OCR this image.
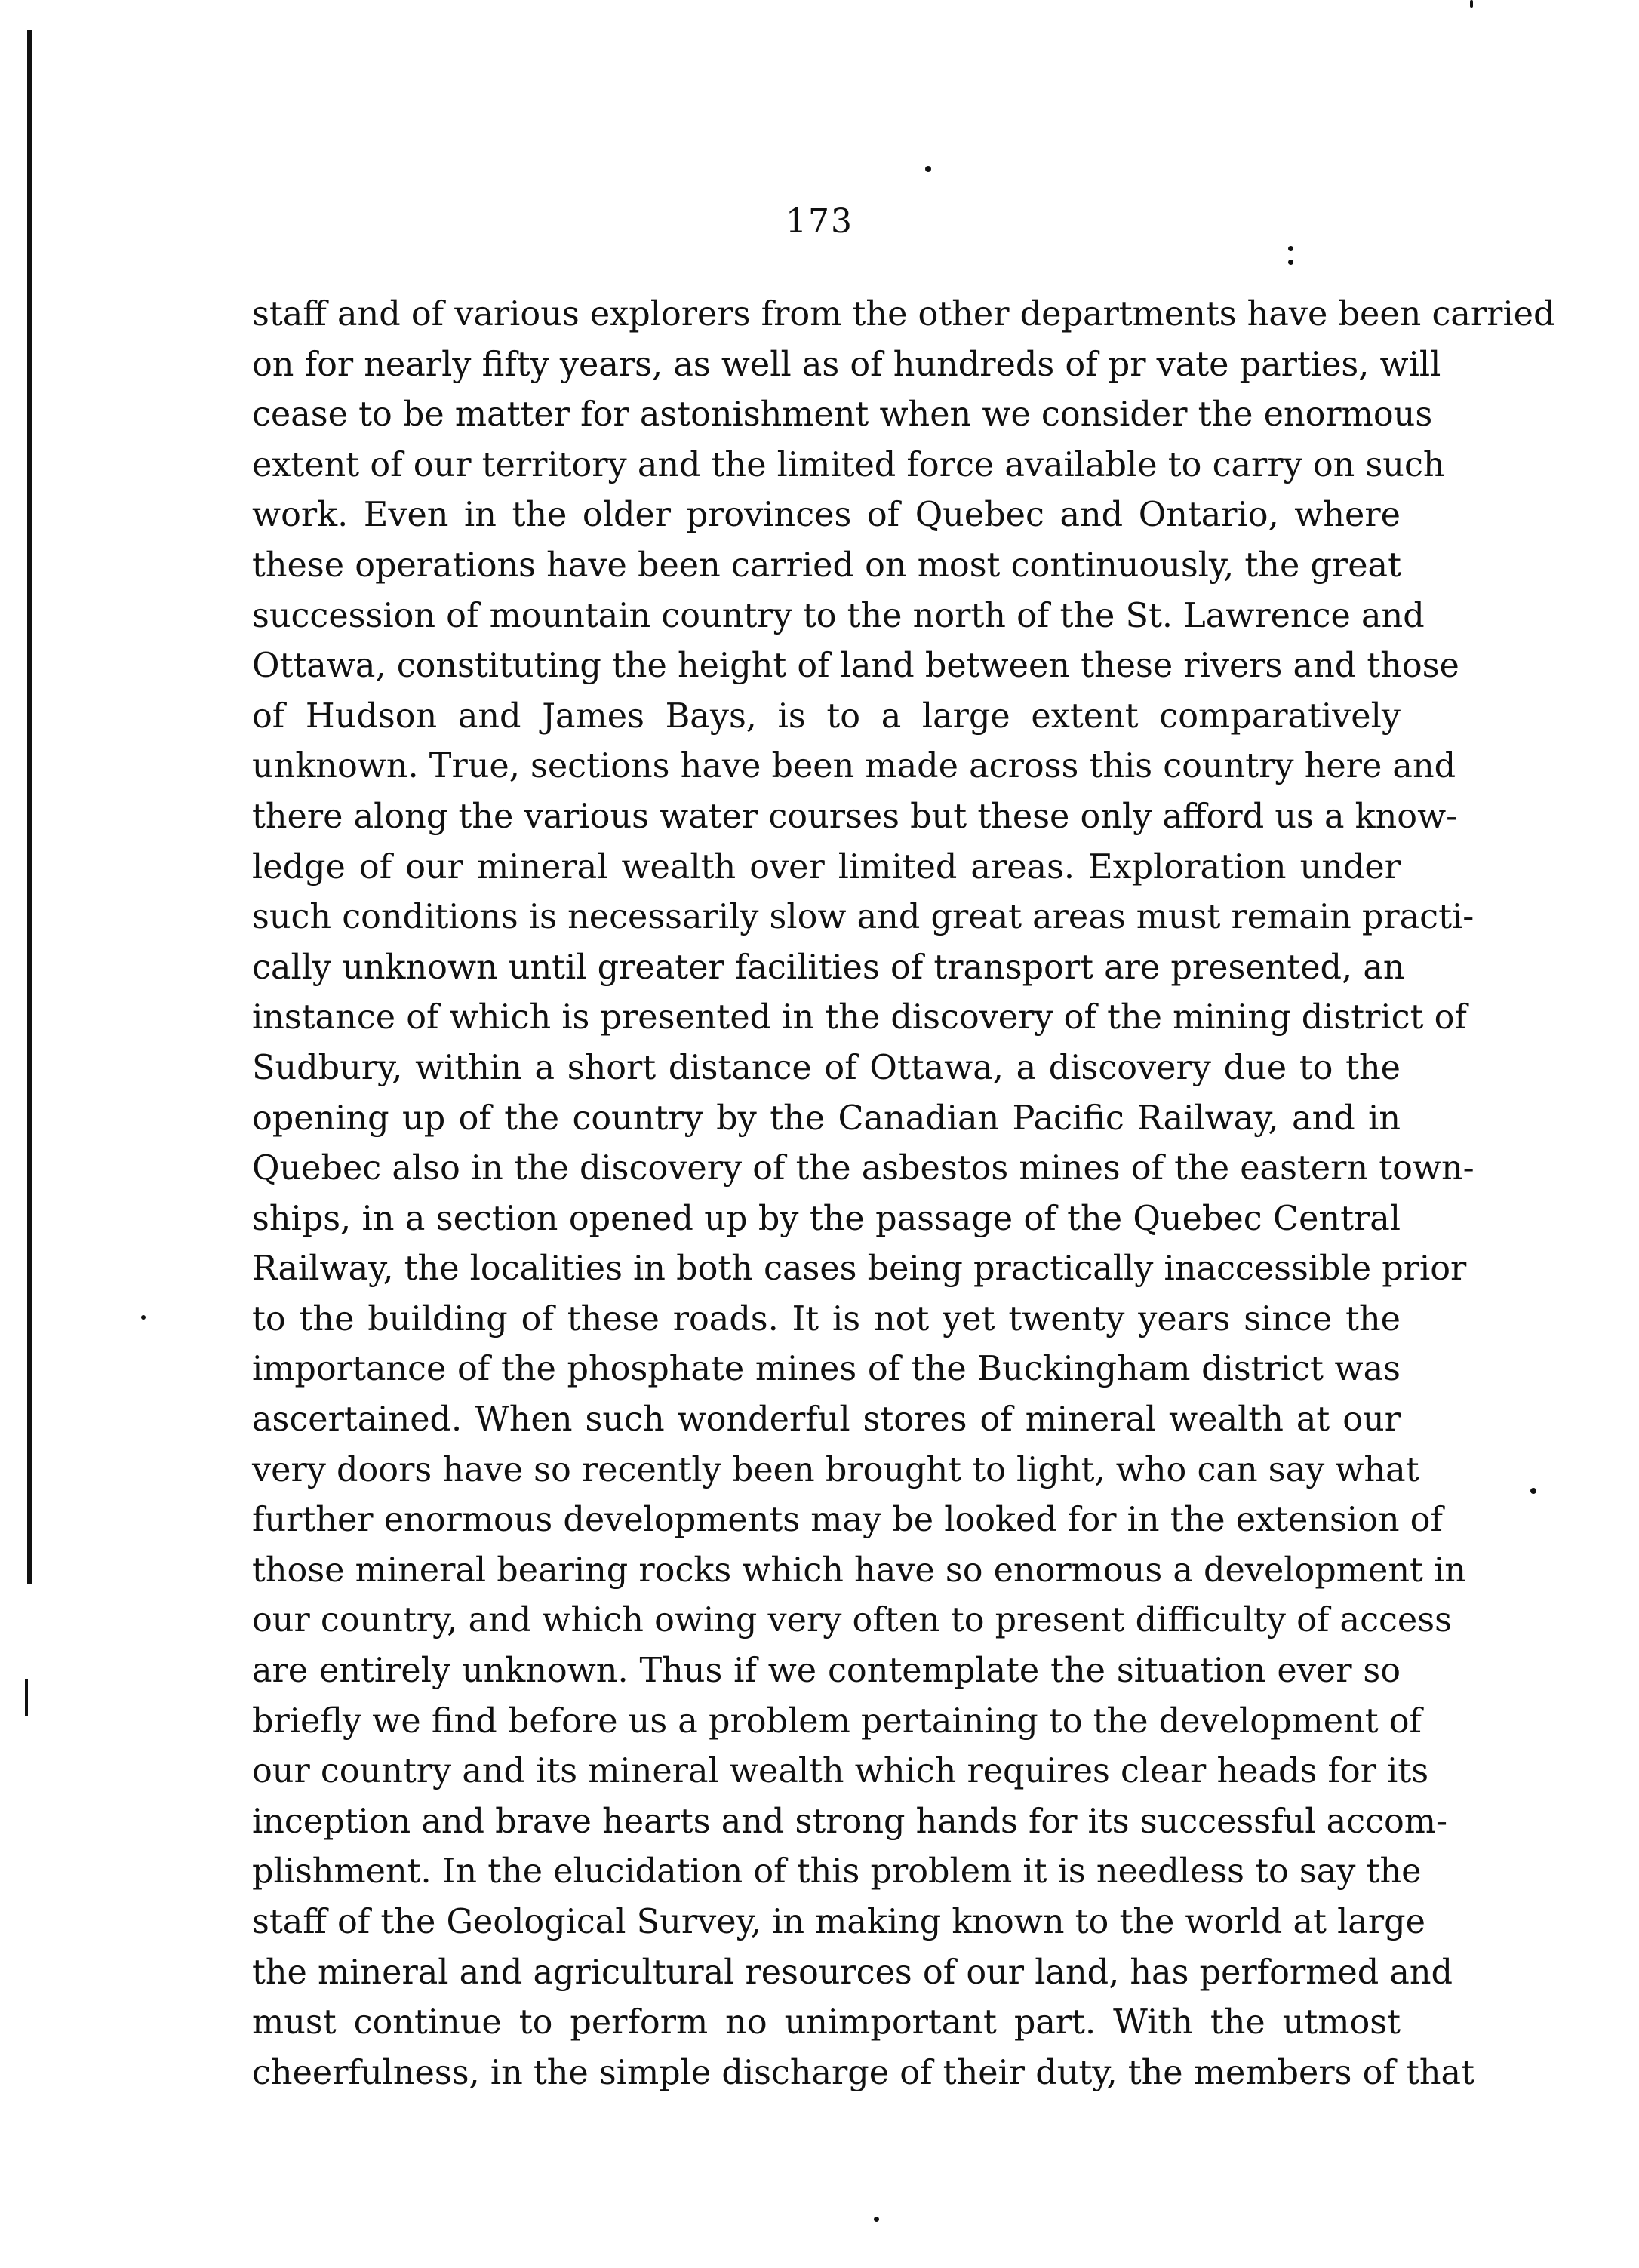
173
staff and of various explorers from the other departments have been carried
on for nearly fifty years, as well as of hundreds of pr vate parties, will
cease to be matter for astonishment when we consider the enormous
extent of our territory and the limited force available to carry on such
work. Even in the older provinces of Quebec and Ontario, where
these operations have been carried on most continuously, the great
succession of mountain country to the north of the St. Lawrence and
Ottawa, constituting the height of land between these rivers and those
of Hudson and James Bays, is to a large extent comparatively
unknown. True, sections have been made across this country here and
there along the various water courses but these only afford us a know-
ledge of our mineral wealth over limited areas. Exploration under
such conditions is necessarily slow and great areas must remain practi-
cally unknown until greater facilities of transport are presented, an
instance of which is presented in the discovery of the mining district of
Sudbury, within a short distance of Ottawa, a discovery due to the
opening up of the country by the Canadian Pacific Railway, and in
Quebec also in the discovery of the asbestos mines of the eastern town-
ships, in a section opened up by the passage of the Quebec Central
Railway, the localities in both cases being practically inaccessible prior
to the building of these roads. It is not yet twenty years since the
importance of the phosphate mines of the Buckingham district was
ascertained. When such wonderful stores of mineral wealth at our
very doors have so recently been brought to light, who can say what
further enormous developments may be looked for in the extension of
those mineral bearing rocks which have so enormous a development in
our country, and which owing very often to present difficulty of access
are entirely unknown. Thus if we contemplate the situation ever so
briefly we find before us a problem pertaining to the development of
our country and its mineral wealth which requires clear heads for its
inception and brave hearts and strong hands for its successful accom-
plishment. In the elucidation of this problem it is needless to say the
staff of the Geological Survey, in making known to the world at large
the mineral and agricultural resources of our land, has performed and
must continue to perform no unimportant part. With the utmost
cheerfulness, in the simple discharge of their duty, the members of that
